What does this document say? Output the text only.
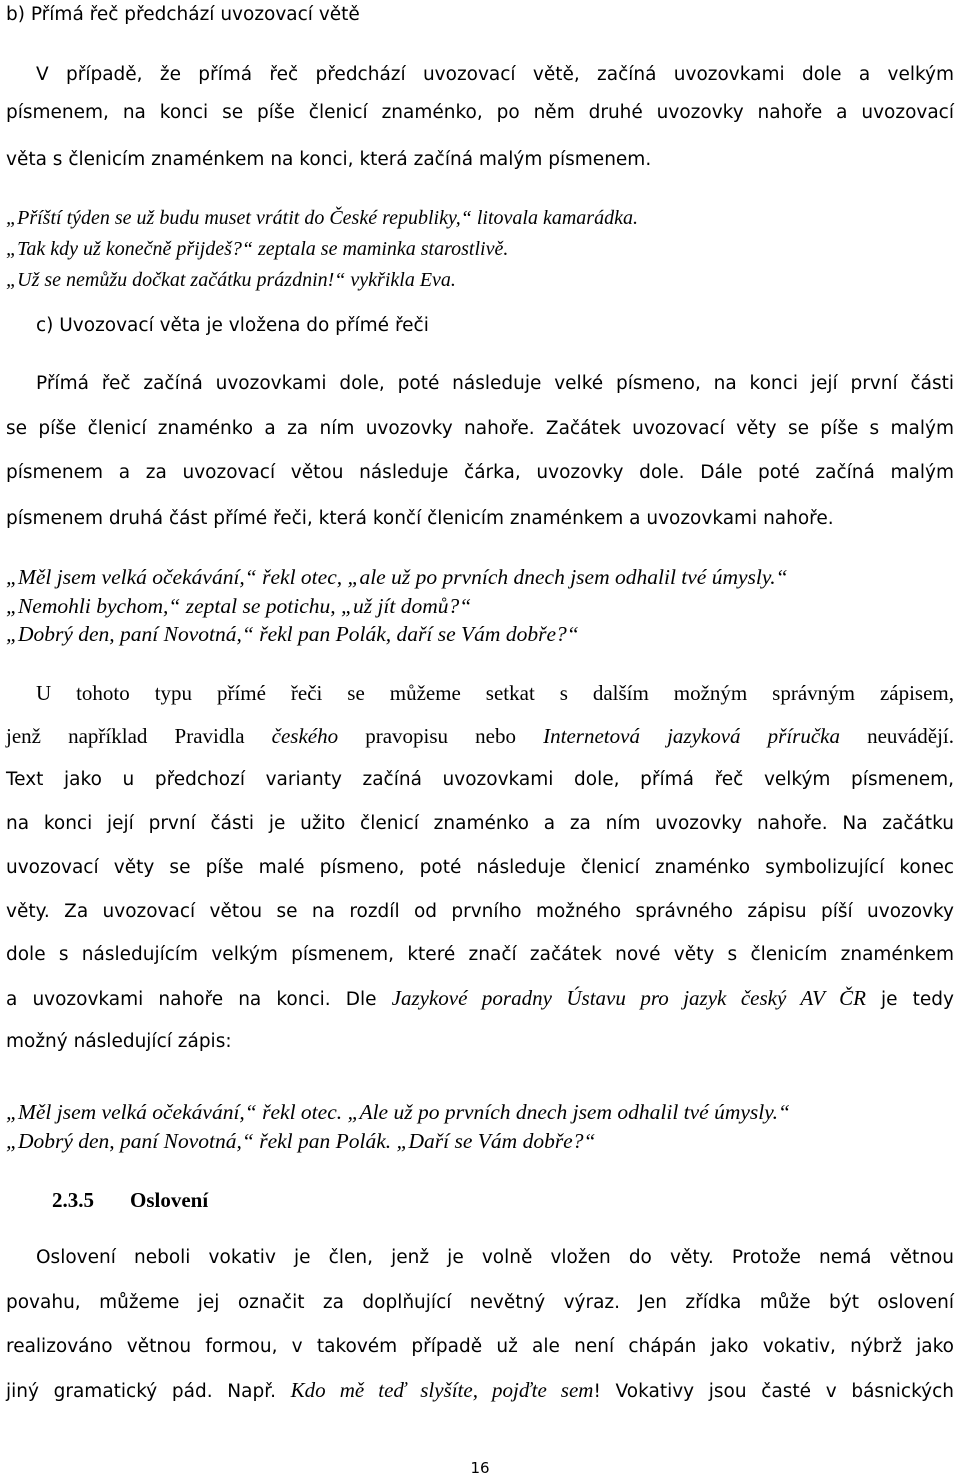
b) Přímá řeč předchází uvozovací větě
V případě, že přímá řeč předchází uvozovací větě, začíná uvozovkami dole a velkým
písmenem, na konci se píše členicí znaménko, po něm druhé uvozovky nahoře a uvozovací
věta s členicím znaménkem na konci, která začíná malým písmenem.
„Příští týden se už budu muset vrátit do České republiky,“ litovala kamarádka.
„Tak kdy už konečně přijdeš?“ zeptala se maminka starostlivě.
„Už se nemůžu dočkat začátku prázdnin!“ vykřikla Eva.
c) Uvozovací věta je vložena do přímé řeči
Přímá řeč začíná uvozovkami dole, poté následuje velké písmeno, na konci její první části
se píše členicí znaménko a za ním uvozovky nahoře. Začátek uvozovací věty se píše s malým
písmenem a za uvozovací větou následuje čárka, uvozovky dole. Dále poté začíná malým
písmenem druhá část přímé řeči, která končí členicím znaménkem a uvozovkami nahoře.
„Měl jsem velká očekávání,“ řekl otec, „ale už po prvních dnech jsem odhalil tvé úmysly.“
„Nemohli bychom,“ zeptal se potichu, „už jít domů?“
„Dobrý den, paní Novotná,“ řekl pan Polák, daří se Vám dobře?“
U tohoto typu přímé řeči se můžeme setkat s dalším možným správným zápisem,
jenž například Pravidla českého pravopisu nebo Internetová jazyková příručka neuvádějí.
Text jako u předchozí varianty začíná uvozovkami dole, přímá řeč velkým písmenem,
na konci její první části je užito členicí znaménko a za ním uvozovky nahoře. Na začátku
uvozovací věty se píše malé písmeno, poté následuje členicí znaménko symbolizující konec
věty. Za uvozovací větou se na rozdíl od prvního možného správného zápisu píší uvozovky
dole s následujícím velkým písmenem, které značí začátek nové věty s členicím znaménkem
a uvozovkami nahoře na konci. Dle Jazykové poradny Ústavu pro jazyk český AV ČR je tedy
možný následující zápis:
„Měl jsem velká očekávání,“ řekl otec. „Ale už po prvních dnech jsem odhalil tvé úmysly.“
„Dobrý den, paní Novotná,“ řekl pan Polák. „Daří se Vám dobře?“
2.3.5 Oslovení
Oslovení neboli vokativ je člen, jenž je volně vložen do věty. Protože nemá větnou
povahu, můžeme jej označit za doplňující nevětný výraz. Jen zřídka může být oslovení
realizováno větnou formou, v takovém případě už ale není chápán jako vokativ, nýbrž jako
jiný gramatický pád. Např. Kdo mě teď slyšíte, pojďte sem! Vokativy jsou časté v básnických
16
